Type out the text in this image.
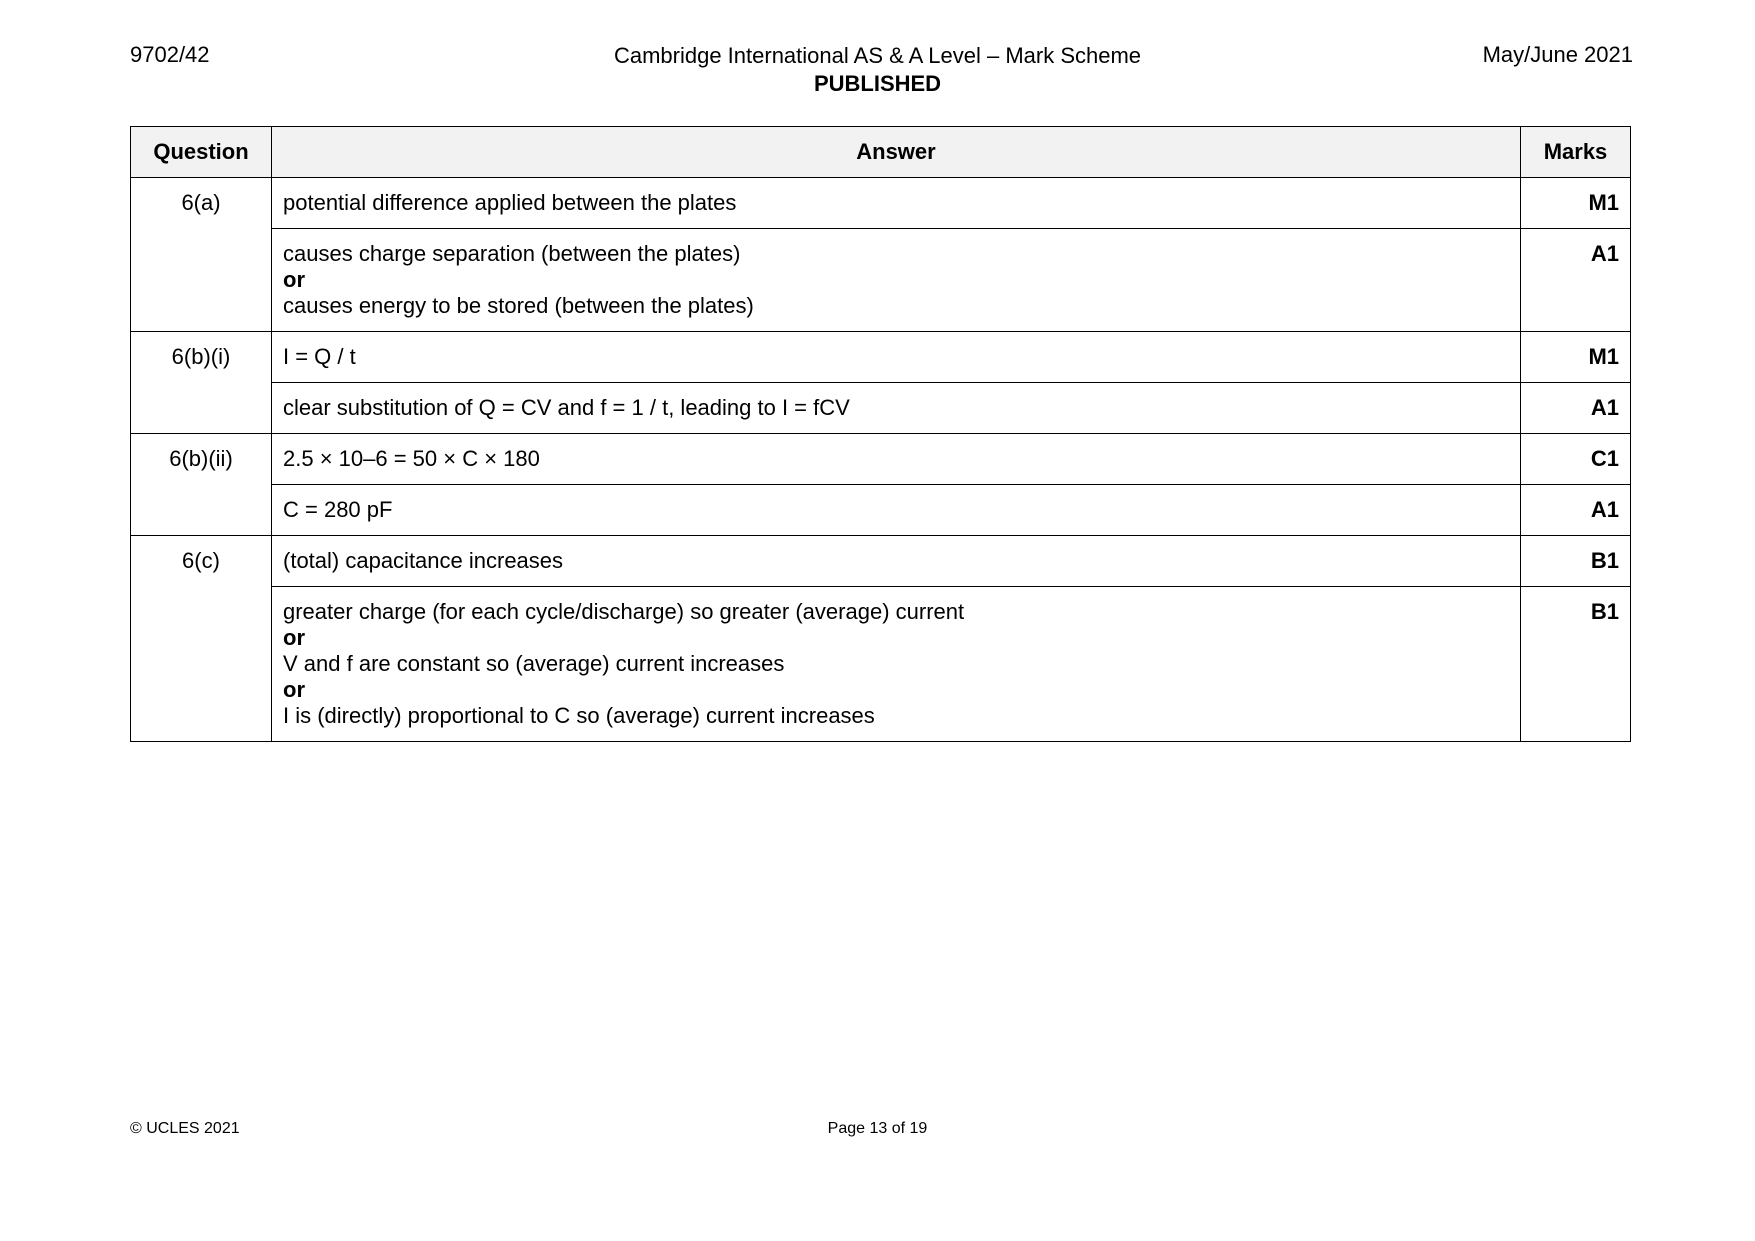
9702/42	Cambridge International AS & A Level – Mark Scheme
PUBLISHED
May/June 2021
Question	Answer	Marks
6(a)	potential difference applied between the plates	M1

	causes charge separation (between the plates)
or
causes energy to be stored (between the plates)	A1
6(b)(i)	I = Q / t	M1
	clear substitution of Q = CV and f = 1 / t, leading to I = fCV	A1
6(b)(ii)	2.5 × 10–6 = 50 × C × 180	C1
	C = 280 pF	A1
6(c)	(total) capacitance increases	B1

	greater charge (for each cycle/discharge) so greater (average) current
or
V and f are constant so (average) current increases
or
I is (directly) proportional to C so (average) current increases	B1
© UCLES 2021	Page 13 of 19
